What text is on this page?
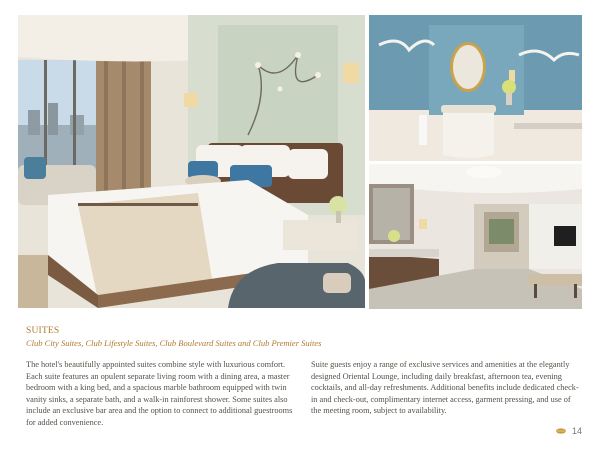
SUITES
Club City Suites, Club Lifestyle Suites, Club Boulevard Suites and Club Premier Suites
The hotel's beautifully appointed suites combine style with luxurious comfort. Each suite features an opulent separate living room with a dining area, a master bedroom with a king bed, and a spacious marble bathroom equipped with twin vanity sinks, a separate bath, and a walk-in rainforest shower. Some suites also include an exclusive bar area and the option to connect to additional guestrooms for added convenience.
Suite guests enjoy a range of exclusive services and amenities at the elegantly designed Oriental Lounge, including daily breakfast, afternoon tea, evening cocktails, and all-day refreshments. Additional benefits include dedicated check-in and check-out, complimentary internet access, garment pressing, and use of the meeting room, subject to availability.
14
